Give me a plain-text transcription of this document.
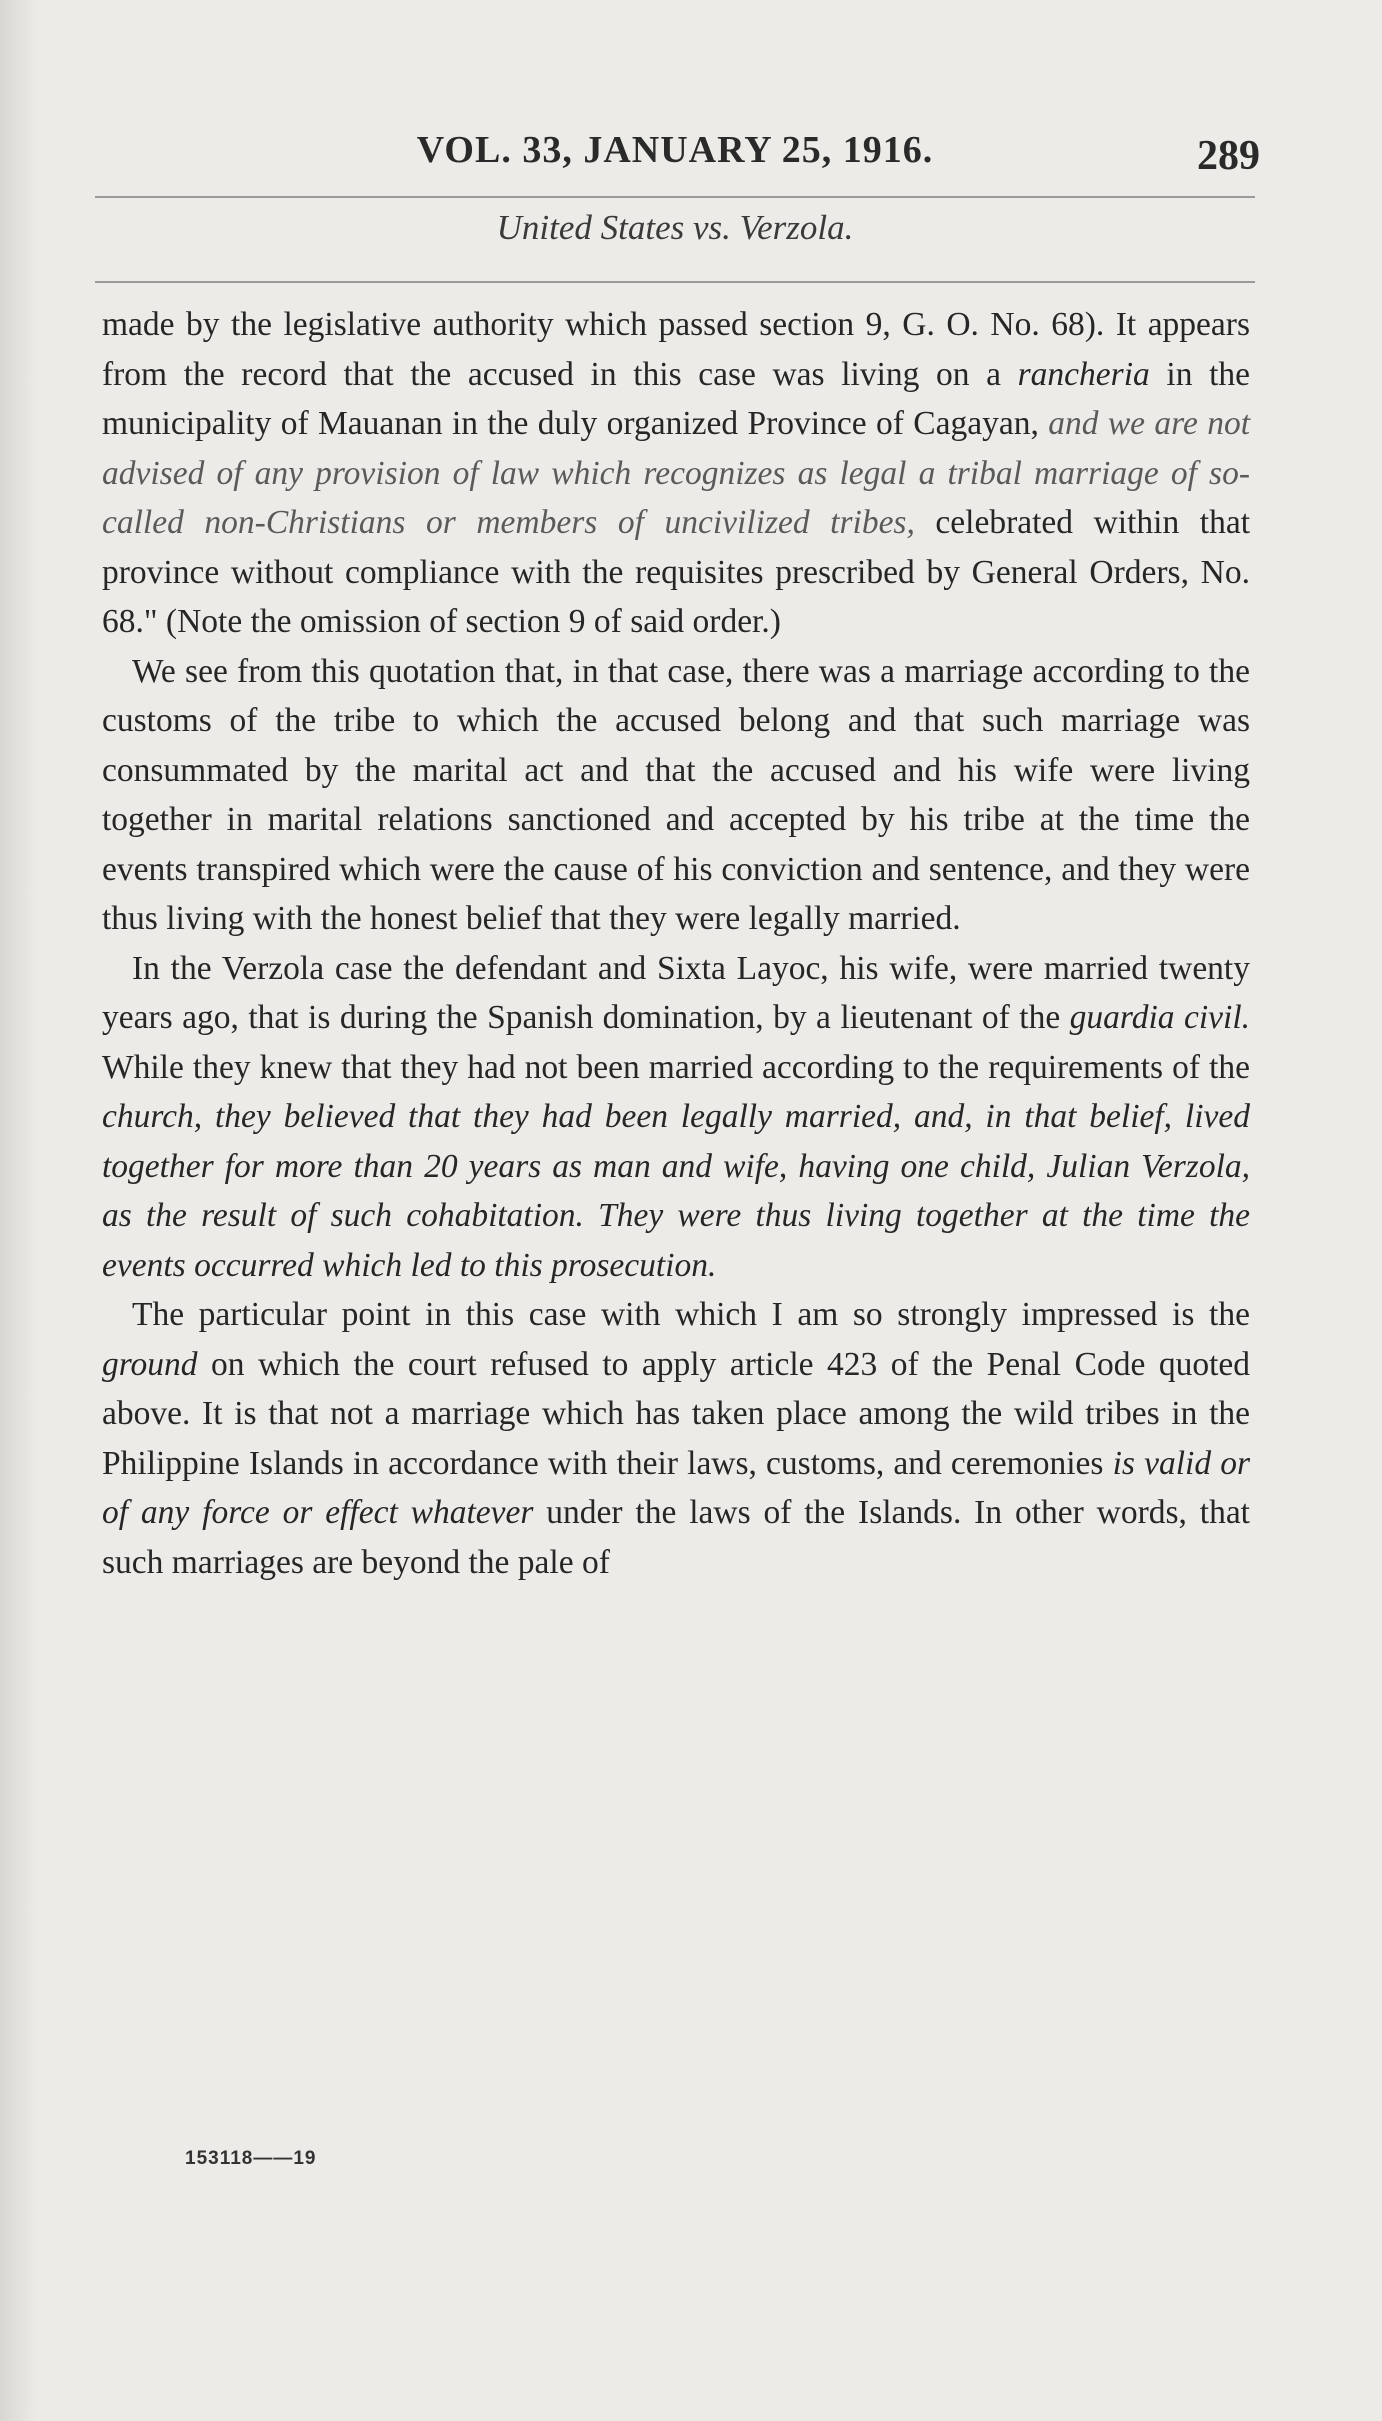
VOL. 33, JANUARY 25, 1916.	289
United States vs. Verzola.

made by the legislative authority which passed section 9, G. O. No. 68). It appears from the record that the accused in this case was living on a rancheria in the municipality of Mauanan in the duly organized Province of Cagayan, and we are not advised of any provision of law which recognizes as legal a tribal marriage of so-called non-Christians or members of uncivilized tribes, celebrated within that province without compliance with the requisites prescribed by General Orders, No. 68." (Note the omission of section 9 of said order.)

We see from this quotation that, in that case, there was a marriage according to the customs of the tribe to which the accused belong and that such marriage was consummated by the marital act and that the accused and his wife were living together in marital relations sanctioned and accepted by his tribe at the time the events transpired which were the cause of his conviction and sentence, and they were thus living with the honest belief that they were legally married.

In the Verzola case the defendant and Sixta Layoc, his wife, were married twenty years ago, that is during the Spanish domination, by a lieutenant of the guardia civil. While they knew that they had not been married according to the requirements of the church, they believed that they had been legally married, and, in that belief, lived together for more than 20 years as man and wife, having one child, Julian Verzola, as the result of such cohabitation. They were thus living together at the time the events occurred which led to this prosecution.

The particular point in this case with which I am so strongly impressed is the ground on which the court refused to apply article 423 of the Penal Code quoted above. It is that not a marriage which has taken place among the wild tribes in the Philippine Islands in accordance with their laws, customs, and ceremonies is valid or of any force or effect whatever under the laws of the Islands. In other words, that such marriages are beyond the pale of

153118——19
